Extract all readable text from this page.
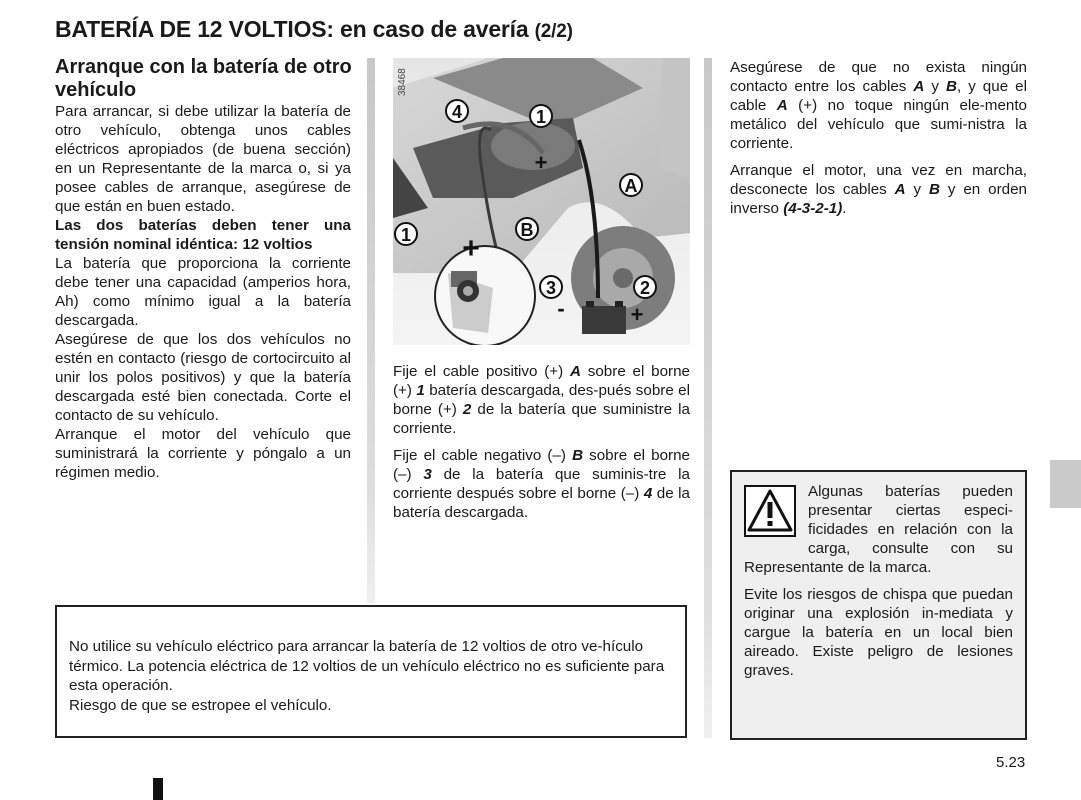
BATERÍA DE 12 VOLTIOS: en caso de avería (2/2)
Arranque con la batería de otro vehículo

Para arrancar, si debe utilizar la batería de otro vehículo, obtenga unos cables eléctricos apropiados (de buena sección) en un Representante de la marca o, si ya posee cables de arranque, asegúrese de que están en buen estado.

Las dos baterías deben tener una tensión nominal idéntica: 12 voltios

La batería que proporciona la corriente debe tener una capacidad (amperios hora, Ah) como mínimo igual a la batería descargada.

Asegúrese de que los dos vehículos no estén en contacto (riesgo de cortocircuito al unir los polos positivos) y que la batería descargada esté bien conectada. Corte el contacto de su vehículo.

Arranque el motor del vehículo que suministrará la corriente y póngalo a un régimen medio.

38468
4	1
+
A
B
1 +
3	2
-	+

Fije el cable positivo (+) A sobre el borne (+) 1 batería descargada, des-pués sobre el borne (+) 2 de la batería que suministre la corriente.

Fije el cable negativo (–) B sobre el borne (–) 3 de la batería que suminis-tre la corriente después sobre el borne (–) 4 de la batería descargada.

Asegúrese de que no exista ningún contacto entre los cables A y B, y que el cable A (+) no toque ningún ele-mento metálico del vehículo que sumi-nistra la corriente.

Arranque el motor, una vez en marcha, desconecte los cables A y B y en orden inverso (4-3-2-1).

No utilice su vehículo eléctrico para arrancar la batería de 12 voltios de otro ve-hículo térmico. La potencia eléctrica de 12 voltios de un vehículo eléctrico no es suficiente para esta operación.

Riesgo de que se estropee el vehículo.

Algunas baterías pueden presentar ciertas especi-ficidades en relación con la carga, consulte con su Representante de la marca.

Evite los riesgos de chispa que puedan originar una explosión in-mediata y cargue la batería en un local bien aireado. Existe peligro de lesiones graves.

5.23
